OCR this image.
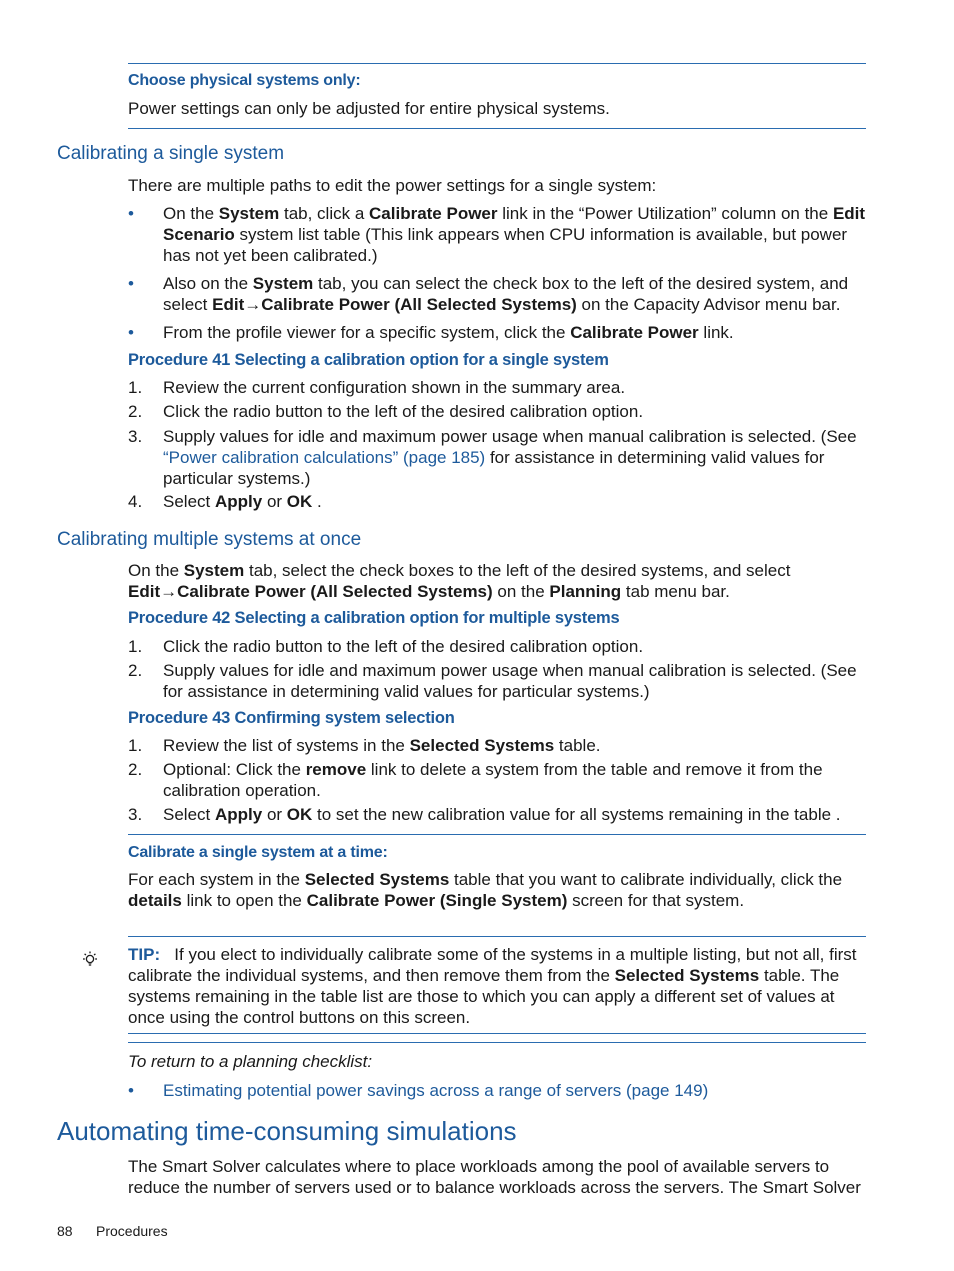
Choose physical systems only:
Power settings can only be adjusted for entire physical systems.
Calibrating a single system
There are multiple paths to edit the power settings for a single system:
•	On the System tab, click a Calibrate Power link in the “Power Utilization” column on the Edit Scenario system list table (This link appears when CPU information is available, but power has not yet been calibrated.)
•	Also on the System tab, you can select the check box to the left of the desired system, and select Edit→Calibrate Power (All Selected Systems) on the Capacity Advisor menu bar.
•	From the profile viewer for a specific system, click the Calibrate Power link.
Procedure 41 Selecting a calibration option for a single system
1.	Review the current configuration shown in the summary area.
2.	Click the radio button to the left of the desired calibration option.
3.	Supply values for idle and maximum power usage when manual calibration is selected. (See “Power calibration calculations” (page 185) for assistance in determining valid values for particular systems.)
4.	Select Apply or OK .
Calibrating multiple systems at once
On the System tab, select the check boxes to the left of the desired systems, and select Edit→Calibrate Power (All Selected Systems) on the Planning tab menu bar.
Procedure 42 Selecting a calibration option for multiple systems
1.	Click the radio button to the left of the desired calibration option.
2.	Supply values for idle and maximum power usage when manual calibration is selected. (See for assistance in determining valid values for particular systems.)
Procedure 43 Confirming system selection
1.	Review the list of systems in the Selected Systems table.
2.	Optional: Click the remove link to delete a system from the table and remove it from the calibration operation.
3.	Select Apply or OK to set the new calibration value for all systems remaining in the table .
Calibrate a single system at a time:
For each system in the Selected Systems table that you want to calibrate individually, click the details link to open the Calibrate Power (Single System) screen for that system.
TIP: If you elect to individually calibrate some of the systems in a multiple listing, but not all, first calibrate the individual systems, and then remove them from the Selected Systems table. The systems remaining in the table list are those to which you can apply a different set of values at once using the control buttons on this screen.
To return to a planning checklist:
•	Estimating potential power savings across a range of servers (page 149)
Automating time-consuming simulations
The Smart Solver calculates where to place workloads among the pool of available servers to reduce the number of servers used or to balance workloads across the servers. The Smart Solver
88 Procedures
